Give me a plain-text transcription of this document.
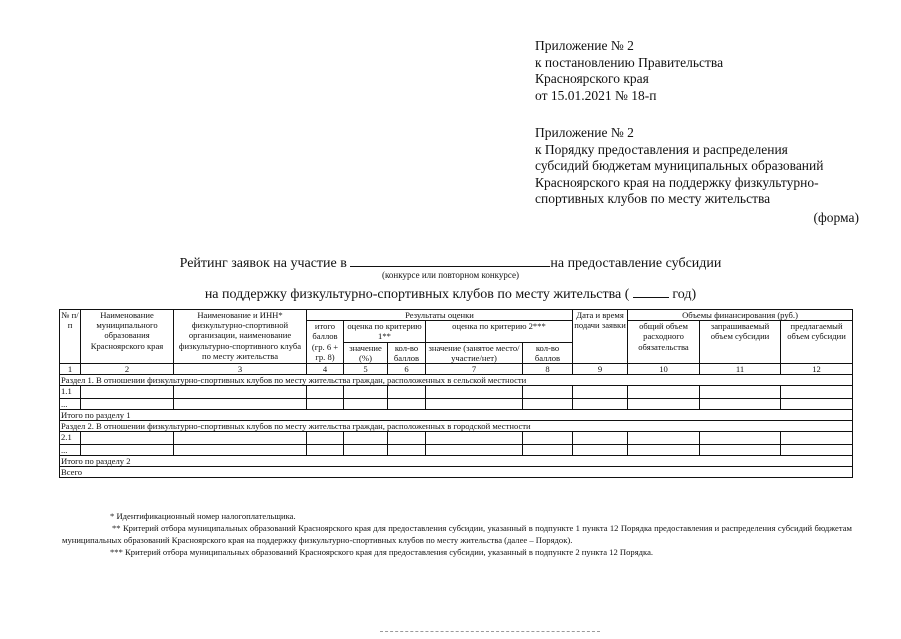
Приложение № 2
к постановлению Правительства
Красноярского края
от 15.01.2021 № 18-п
Приложение № 2
к Порядку предоставления и распределения
субсидий бюджетам муниципальных образований
Красноярского края на поддержку физкультурно-
спортивных клубов по месту жительства
(форма)
Рейтинг заявок на участие в	на предоставление субсидии
(конкурсе или повторном конкурсе)
на поддержку физкультурно-спортивных клубов по месту жительства (	год)
№ п/п	Наименование муниципального образования Красноярского края	Наименование и ИНН* физкультурно-спортивной организации, наименование физкультурно-спортивного клуба по месту жительства	Результаты оценки					Дата и время подачи заявки	Объемы финансирования (руб.)		
			итого баллов (гр. 6 + гр. 8)	оценка по критерию 1**		оценка по критерию 2***			общий объем расходного обязательства	запрашиваемый объем субсидии	предлагаемый объем субсидии
				значение (%)	кол-во баллов	значение (занятое место/участие/нет)	кол-во баллов				
1	2	3	4	5	6	7	8	9	10	11	12
Раздел 1. В отношении физкультурно-спортивных клубов по месту жительства граждан, расположенных в сельской местности											
1.1											
...											
Итого по разделу 1											
Раздел 2. В отношении физкультурно-спортивных клубов по месту жительства граждан, расположенных в городской местности											
2.1											
...											
Итого по разделу 2											
Всего											
* Идентификационный номер налогоплательщика.
** Критерий отбора муниципальных образований Красноярского края для предоставления субсидии, указанный в подпункте 1 пункта 12 Порядка предоставления и распределения субсидий бюджетам муниципальных образований Красноярского края на поддержку физкультурно-спортивных клубов по месту жительства (далее – Порядок).
*** Критерий отбора муниципальных образований Красноярского края для предоставления субсидии, указанный в подпункте 2 пункта 12 Порядка.
